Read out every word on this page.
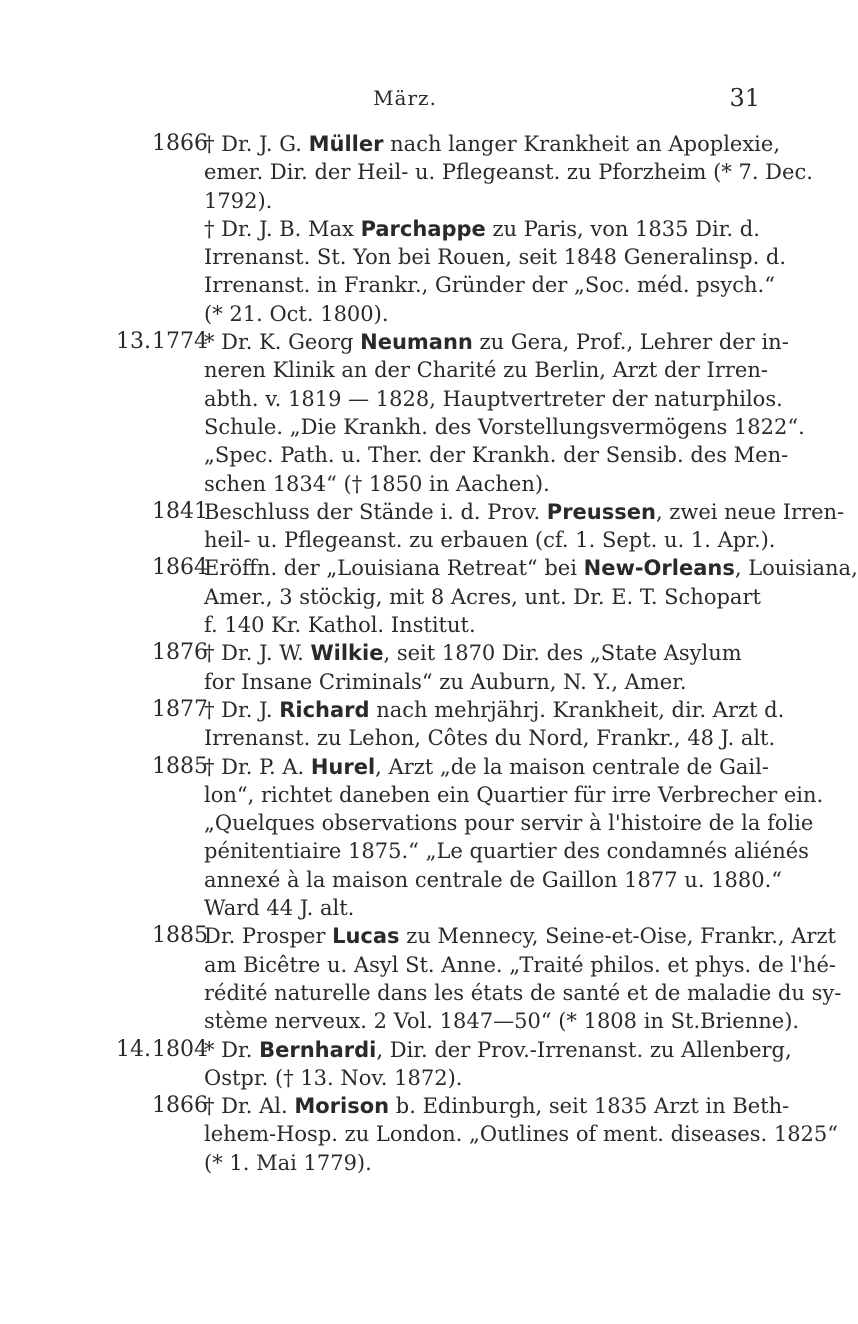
März.	31
1866
† Dr. J. G. Müller nach langer Krankheit an Apoplexie,
emer. Dir. der Heil- u. Pflegeanst. zu Pforzheim (* 7. Dec.
1792).
† Dr. J. B. Max Parchappe zu Paris, von 1835 Dir. d.
Irrenanst. St. Yon bei Rouen, seit 1848 Generalinsp. d.
Irrenanst. in Frankr., Gründer der „Soc. méd. psych.“
(* 21. Oct. 1800).
13. 1774
* Dr. K. Georg Neumann zu Gera, Prof., Lehrer der in-
neren Klinik an der Charité zu Berlin, Arzt der Irren-
abth. v. 1819 — 1828, Hauptvertreter der naturphilos.
Schule. „Die Krankh. des Vorstellungsvermögens 1822“.
„Spec. Path. u. Ther. der Krankh. der Sensib. des Men-
schen 1834“ († 1850 in Aachen).
1841
Beschluss der Stände i. d. Prov. Preussen, zwei neue Irren-
heil- u. Pflegeanst. zu erbauen (cf. 1. Sept. u. 1. Apr.).
1864
Eröffn. der „Louisiana Retreat“ bei New-Orleans, Louisiana,
Amer., 3 stöckig, mit 8 Acres, unt. Dr. E. T. Schopart
f. 140 Kr. Kathol. Institut.
1876
† Dr. J. W. Wilkie, seit 1870 Dir. des „State Asylum
for Insane Criminals“ zu Auburn, N. Y., Amer.
1877
† Dr. J. Richard nach mehrjährj. Krankheit, dir. Arzt d.
Irrenanst. zu Lehon, Côtes du Nord, Frankr., 48 J. alt.
1885
† Dr. P. A. Hurel, Arzt „de la maison centrale de Gail-
lon“, richtet daneben ein Quartier für irre Verbrecher ein.
„Quelques observations pour servir à l'histoire de la folie
pénitentiaire 1875.“ „Le quartier des condamnés aliénés
annexé à la maison centrale de Gaillon 1877 u. 1880.“
Ward 44 J. alt.
1885
Dr. Prosper Lucas zu Mennecy, Seine-et-Oise, Frankr., Arzt
am Bicêtre u. Asyl St. Anne. „Traité philos. et phys. de l'hé-
rédité naturelle dans les états de santé et de maladie du sy-
stème nerveux. 2 Vol. 1847—50“ (* 1808 in St.Brienne).
14. 1804
* Dr. Bernhardi, Dir. der Prov.-Irrenanst. zu Allenberg,
Ostpr. († 13. Nov. 1872).
1866
† Dr. Al. Morison b. Edinburgh, seit 1835 Arzt in Beth-
lehem-Hosp. zu London. „Outlines of ment. diseases. 1825“
(* 1. Mai 1779).
